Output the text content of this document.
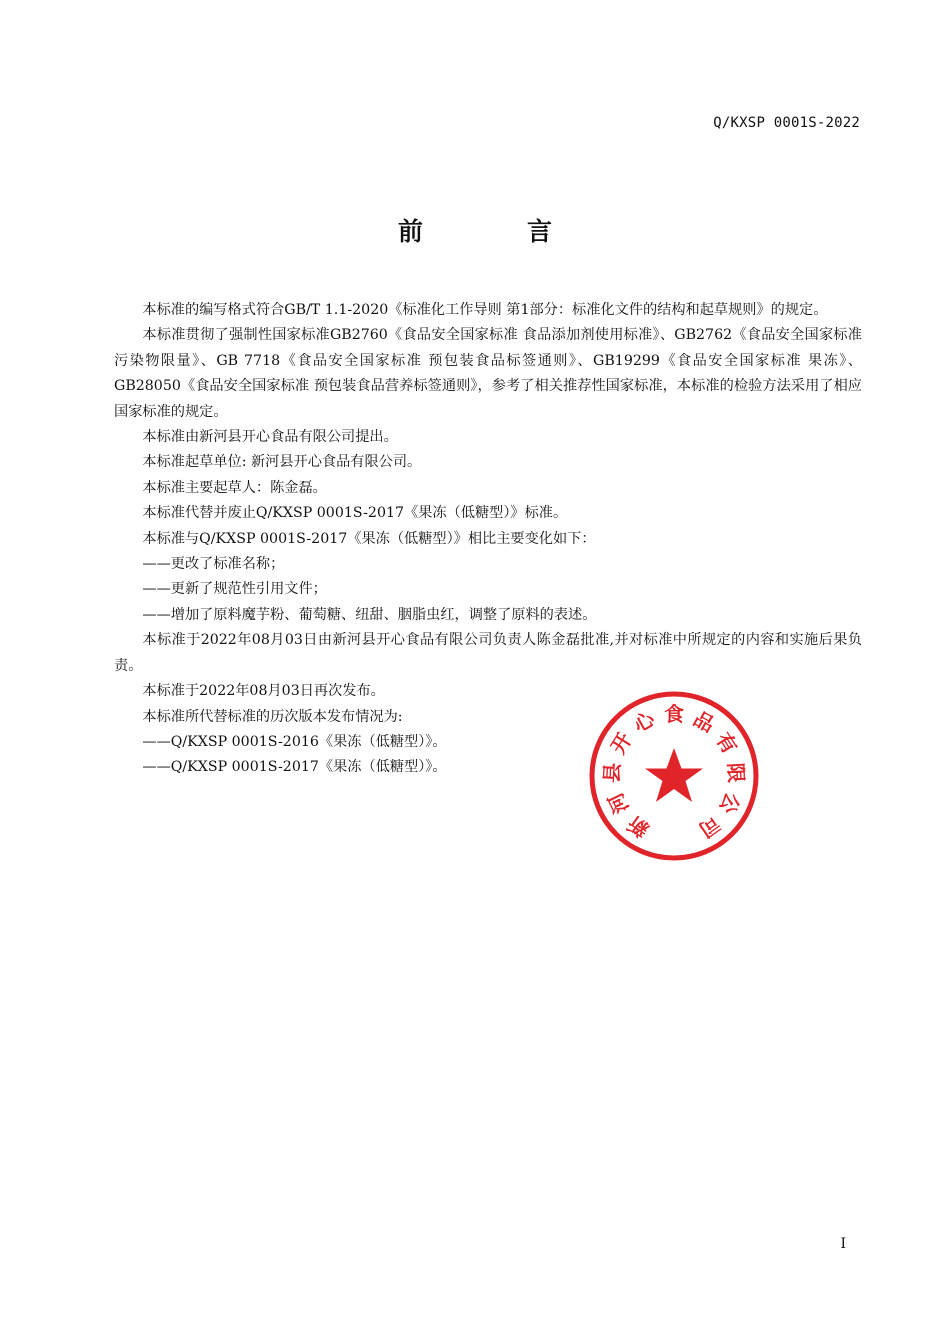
Q/KXSP 0001S-2022
前	言

本标准的编写格式符合GB/T 1.1-2020《标准化工作导则 第1部分：标准化文件的结构和起草规则》的规定。

本标准贯彻了强制性国家标准GB2760《食品安全国家标准 食品添加剂使用标准》、GB2762《食品安全国家标准 污染物限量》、GB 7718《食品安全国家标准 预包装食品标签通则》、GB19299《食品安全国家标准 果冻》、GB28050《食品安全国家标准 预包装食品营养标签通则》，参考了相关推荐性国家标准，本标准的检验方法采用了相应国家标准的规定。

本标准由新河县开心食品有限公司提出。

本标准起草单位: 新河县开心食品有限公司。

本标准主要起草人：陈金磊。

本标准代替并废止Q/KXSP 0001S-2017《果冻（低糖型）》标准。

本标准与Q/KXSP 0001S-2017《果冻（低糖型）》相比主要变化如下：

——更改了标准名称；

——更新了规范性引用文件；

——增加了原料魔芋粉、葡萄糖、纽甜、胭脂虫红，调整了原料的表述。

本标准于2022年08月03日由新河县开心食品有限公司负责人陈金磊批准,并对标准中所规定的内容和实施后果负责。

本标准于2022年08月03日再次发布。

本标准所代替标准的历次版本发布情况为:

——Q/KXSP 0001S-2016《果冻（低糖型）》。

——Q/KXSP 0001S-2017《果冻（低糖型）》。

新
河
县
开
心 食 品
有
限
公
司
I
